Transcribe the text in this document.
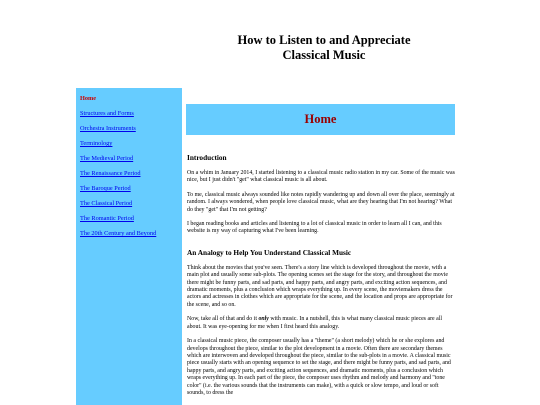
How to Listen to and Appreciate
Classical Music
Home
Structures and Forms
Orchestra Instruments
Terminology
The Medieval Period
The Renaissance Period
The Baroque Period
The Classical Period
The Romantic Period
The 20th Century and Beyond
Home
Introduction

On a whim in January 2014, I started listening to a classical music radio station in my car. Some of the music was nice, but I just didn't "get" what classical music is all about.

To me, classical music always sounded like notes rapidly wandering up and down all over the place, seemingly at random. I always wondered, when people love classical music, what are they hearing that I'm not hearing? What do they "get" that I'm not getting?

I began reading books and articles and listening to a lot of classical music in order to learn all I can, and this website is my way of capturing what I've been learning.

An Analogy to Help You Understand Classical Music

Think about the movies that you've seen. There's a story line which is developed throughout the movie, with a main plot and usually some sub-plots. The opening scenes set the stage for the story, and throughout the movie there might be funny parts, and sad parts, and happy parts, and angry parts, and exciting action sequences, and dramatic moments, plus a conclusion which wraps everything up. In every scene, the moviemakers dress the actors and actresses in clothes which are appropriate for the scene, and the location and props are appropriate for the scene, and so on.

Now, take all of that and do it only with music. In a nutshell, this is what many classical music pieces are all about. It was eye-opening for me when I first heard this analogy.

In a classical music piece, the composer usually has a "theme" (a short melody) which he or she explores and develops throughout the piece, similar to the plot development in a movie. Often there are secondary themes which are interwoven and developed throughout the piece, similar to the sub-plots in a movie. A classical music piece usually starts with an opening sequence to set the stage, and there might be funny parts, and sad parts, and happy parts, and angry parts, and exciting action sequences, and dramatic moments, plus a conclusion which wraps everything up. In each part of the piece, the composer uses rhythm and melody and harmony and "tone color" (i.e. the various sounds that the instruments can make), with a quick or slow tempo, and loud or soft sounds, to dress the
